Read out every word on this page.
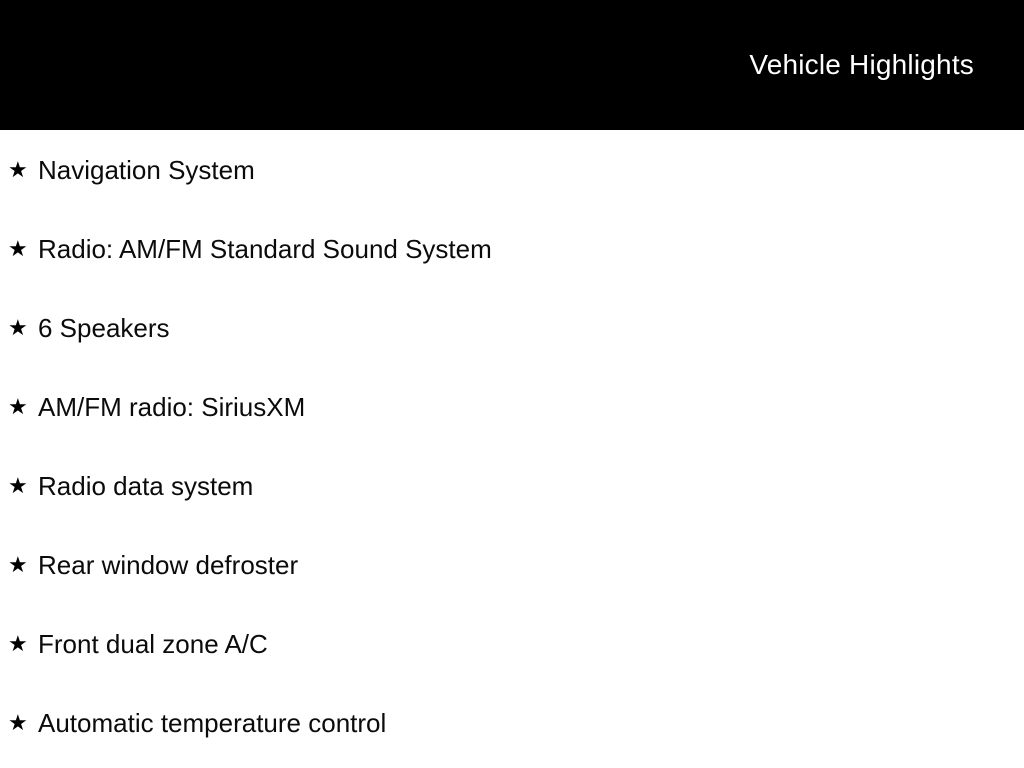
Vehicle Highlights
★ Navigation System
★ Radio: AM/FM Standard Sound System
★ 6 Speakers
★ AM/FM radio: SiriusXM
★ Radio data system
★ Rear window defroster
★ Front dual zone A/C
★ Automatic temperature control
